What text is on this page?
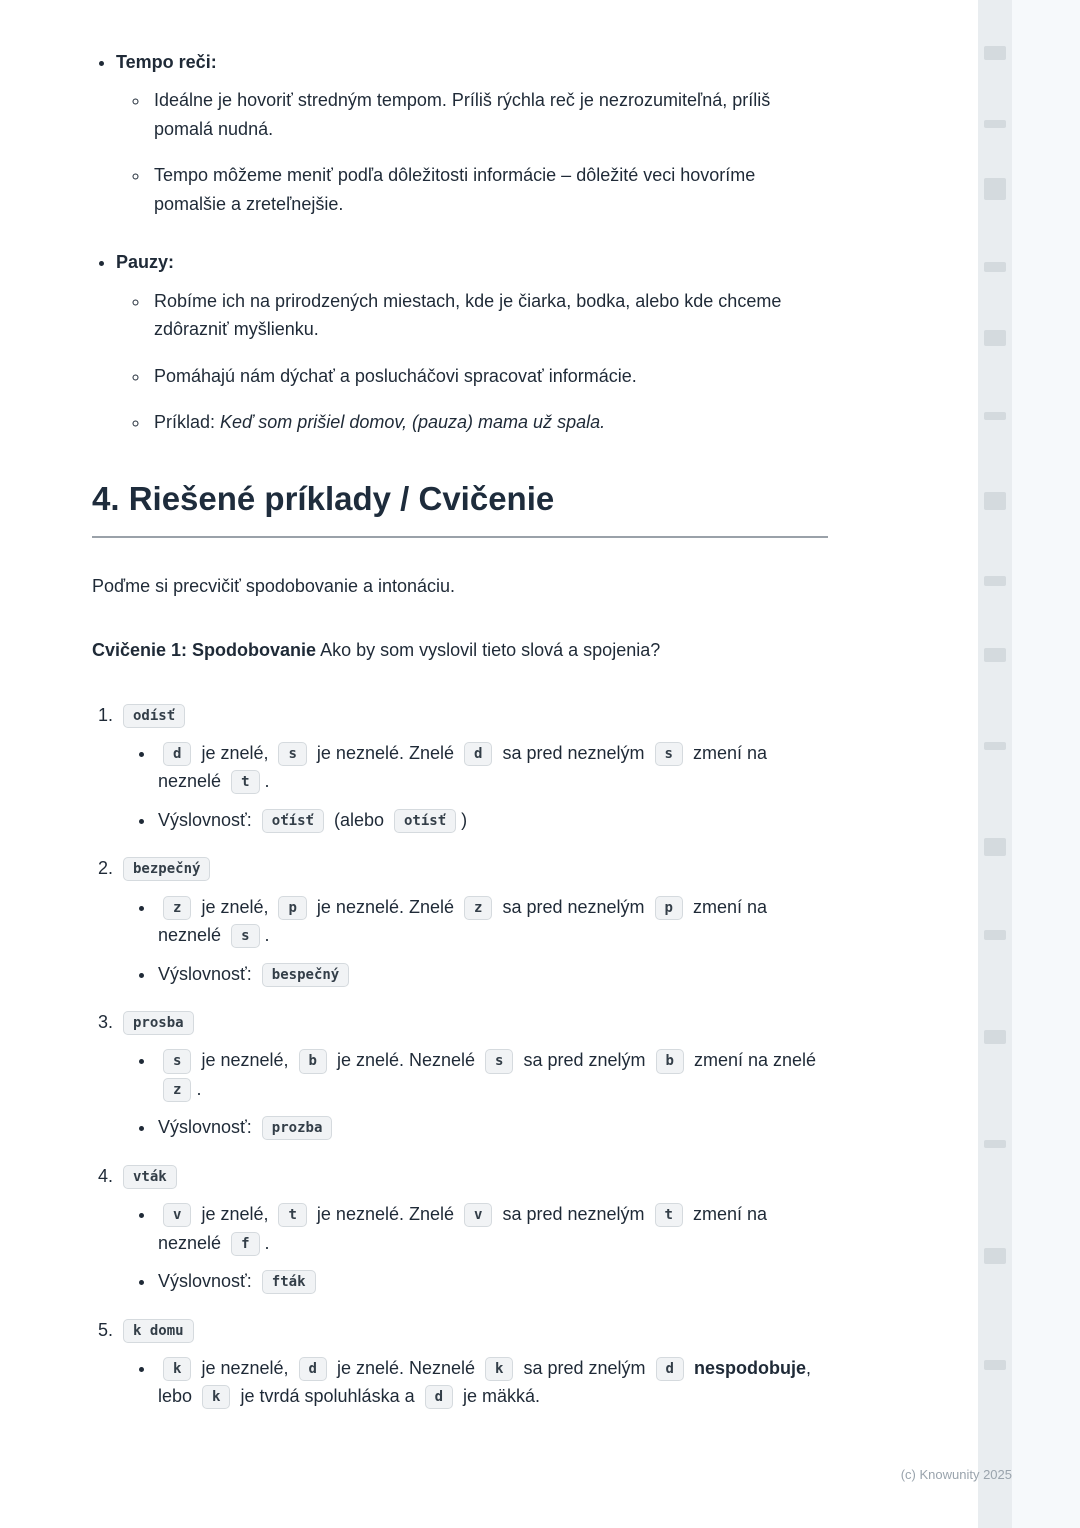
(c) Knowunity 2025
• Tempo reči:
◦ Ideálne je hovoriť stredným tempom. Príliš rýchla reč je nezrozumiteľná, príliš pomalá nudná.
◦ Tempo môžeme meniť podľa dôležitosti informácie – dôležité veci hovoríme pomalšie a zreteľnejšie.
• Pauzy:
◦ Robíme ich na prirodzených miestach, kde je čiarka, bodka, alebo kde chceme zdôrazniť myšlienku.
◦ Pomáhajú nám dýchať a poslucháčovi spracovať informácie.
◦ Príklad: Keď som prišiel domov, (pauza) mama už spala.
4. Riešené príklady / Cvičenie

Poďme si precvičiť spodobovanie a intonáciu.

Cvičenie 1: Spodobovanie Ako by som vyslovil tieto slová a spojenia?

1. odísť
• d je znelé, s je neznelé. Znelé d sa pred neznelým s zmení na neznelé t .
• Výslovnosť: oťísť (alebo otísť )
2. bezpečný
• z je znelé, p je neznelé. Znelé z sa pred neznelým p zmení na neznelé s .
• Výslovnosť: bespečný
3. prosba
• s je neznelé, b je znelé. Neznelé s sa pred znelým b zmení na znelé z .
• Výslovnosť: prozba
4. vták
• v je znelé, t je neznelé. Znelé v sa pred neznelým t zmení na neznelé f .
• Výslovnosť: fták
5. k domu
• k je neznelé, d je znelé. Neznelé k sa pred znelým d nespodobuje, lebo k je tvrdá spoluhláska a d je mäkká.
